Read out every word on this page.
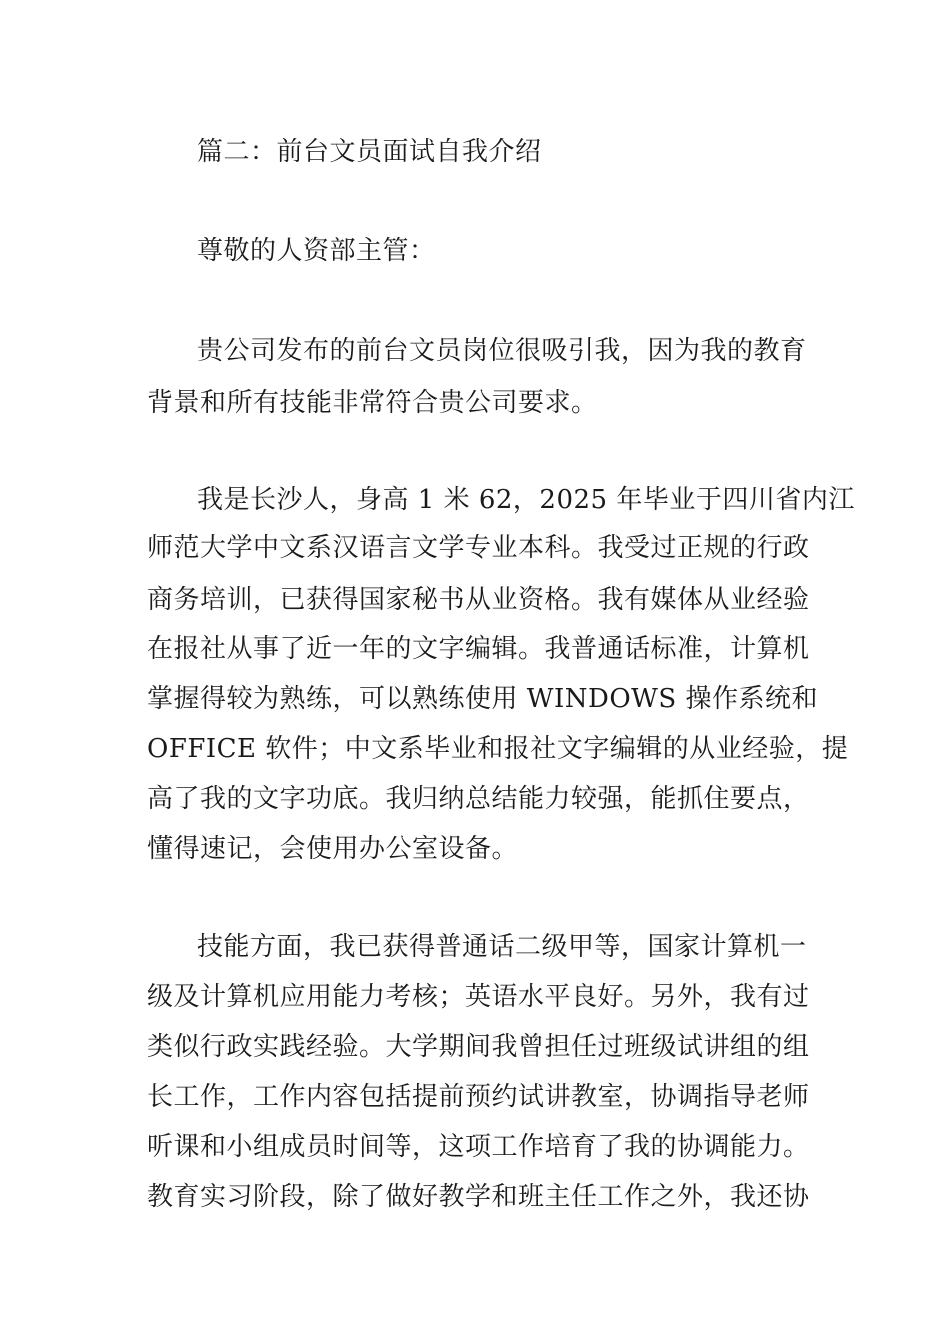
篇二：前台文员面试自我介绍
尊敬的人资部主管：
贵公司发布的前台文员岗位很吸引我，因为我的教育
背景和所有技能非常符合贵公司要求。
我是长沙人，身高 1 米 62，2025 年毕业于四川省内江
师范大学中文系汉语言文学专业本科。我受过正规的行政
商务培训，已获得国家秘书从业资格。我有媒体从业经验
在报社从事了近一年的文字编辑。我普通话标准，计算机
掌握得较为熟练，可以熟练使用 WINDOWS 操作系统和
OFFICE 软件；中文系毕业和报社文字编辑的从业经验，提
高了我的文字功底。我归纳总结能力较强，能抓住要点，
懂得速记，会使用办公室设备。
技能方面，我已获得普通话二级甲等，国家计算机一
级及计算机应用能力考核；英语水平良好。另外，我有过
类似行政实践经验。大学期间我曾担任过班级试讲组的组
长工作，工作内容包括提前预约试讲教室，协调指导老师
听课和小组成员时间等，这项工作培育了我的协调能力。
教育实习阶段，除了做好教学和班主任工作之外，我还协
